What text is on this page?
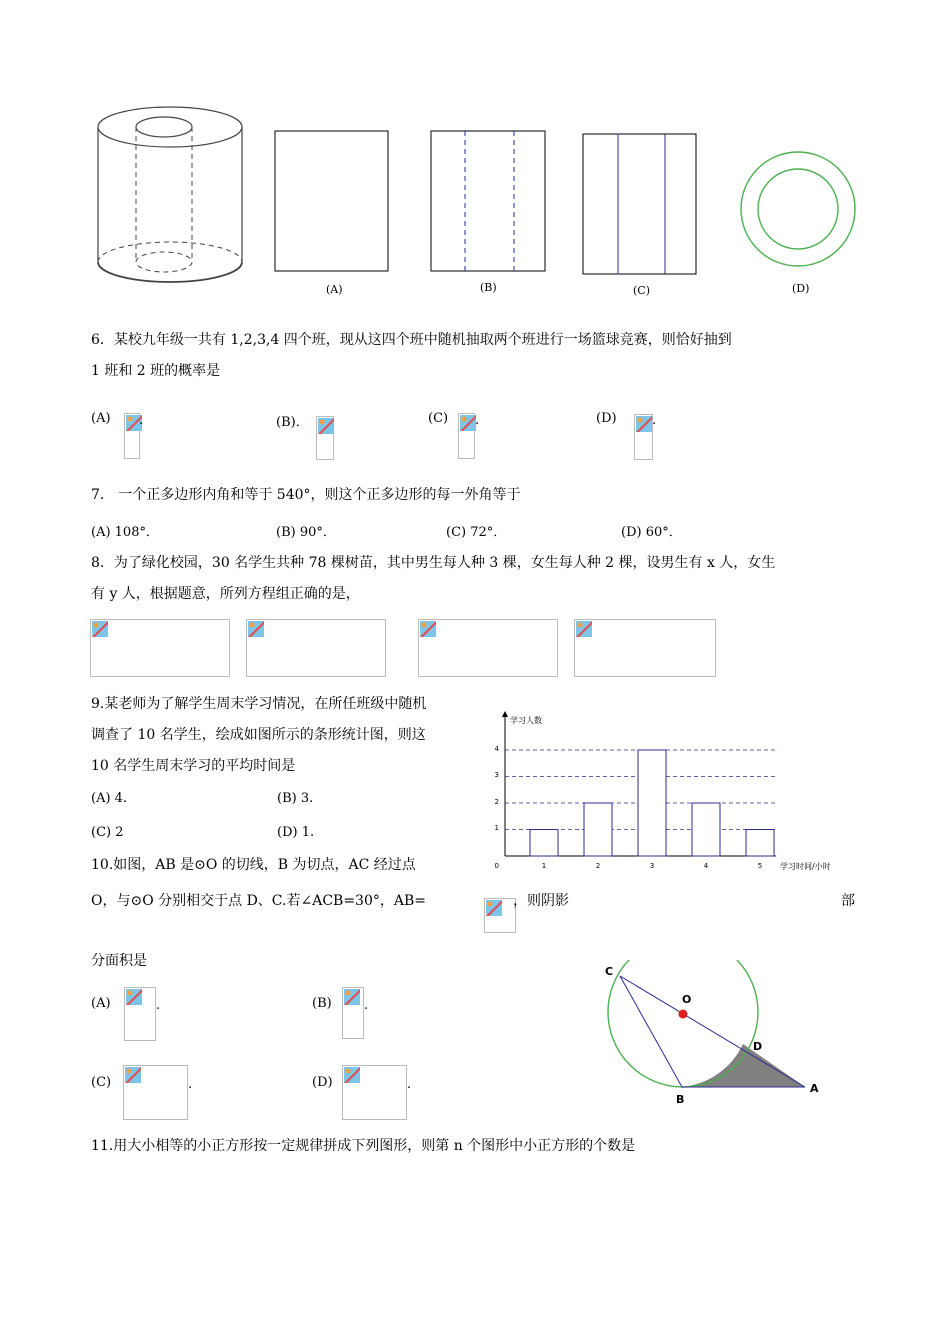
(A)	(B)	(C)	(D)
6．某校九年级一共有 1,2,3,4 四个班，现从这四个班中随机抽取两个班进行一场篮球竞赛，则恰好抽到
1 班和 2 班的概率是
(A) .	(B)．	(C) .	(D)	.
7． 一个正多边形内角和等于 540°，则这个正多边形的每一外角等于
(A) 108°．	(B) 90°．	(C) 72°．	(D) 60°．
8．为了绿化校园，30 名学生共种 78 棵树苗，其中男生每人种 3 棵，女生每人种 2 棵，设男生有 x 人，女生
有 y 人，根据题意，所列方程组正确的是，
9.某老师为了解学生周末学习情况，在所任班级中随机
调查了 10 名学生，绘成如图所示的条形统计图，则这
10 名学生周末学习的平均时间是
(A) 4.	(B) 3.
(C) 2	(D) 1.
学习人数
学习时间/小时
0
1
2
3
4
1	2	3	4	5
10.如图，AB 是⊙O 的切线，B 为切点，AC 经过点
O，与⊙O 分别相交于点 D、C.若∠ACB=30°，AB=	，则阴影	部
分面积是
(A)	.	(B) .
(C)	.	(D)	.
C
O
D
B
A
11.用大小相等的小正方形按一定规律拼成下列图形，则第 n 个图形中小正方形的个数是
